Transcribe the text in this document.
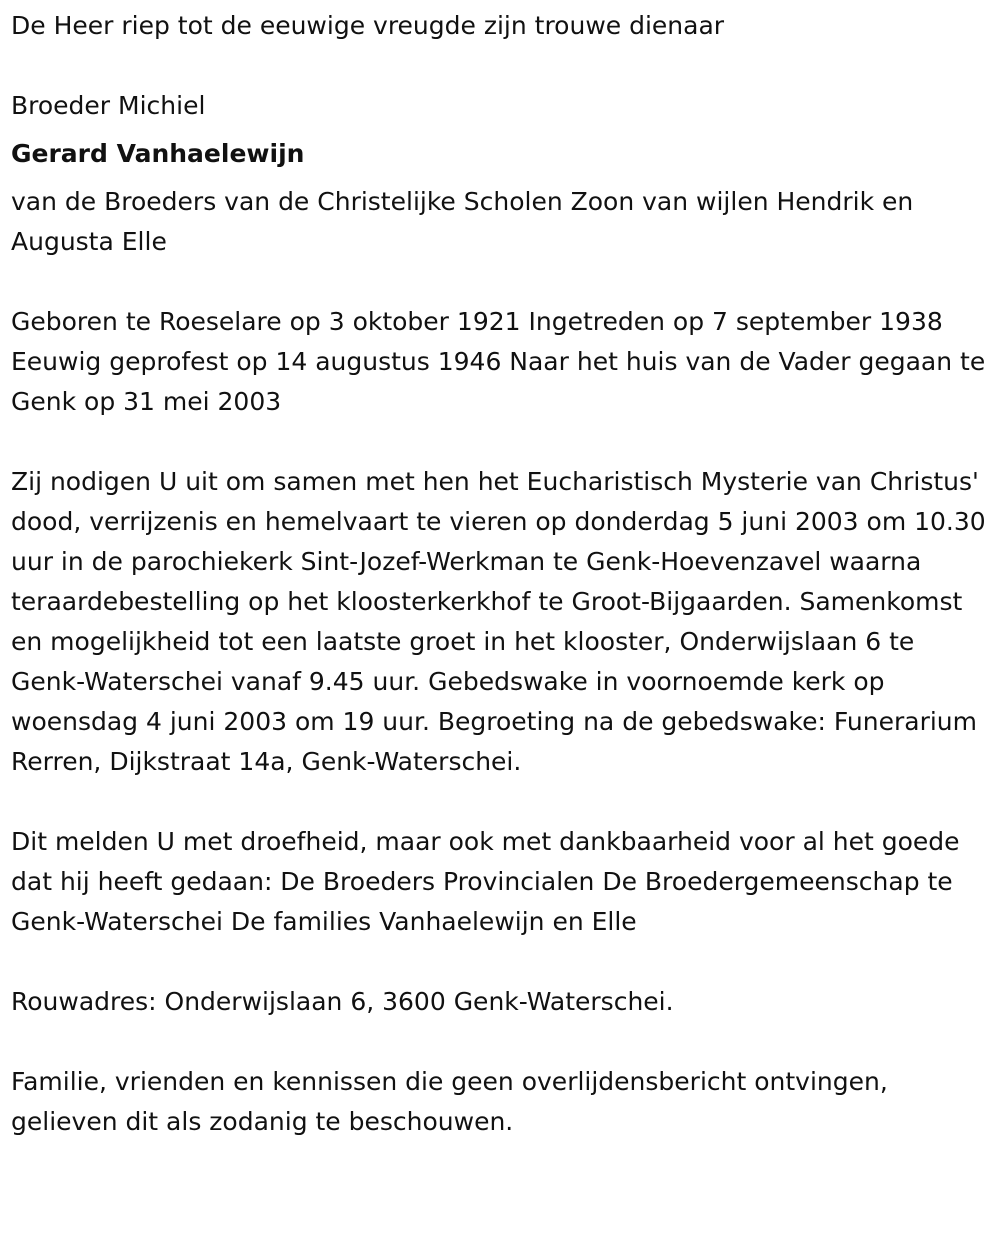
De Heer riep tot de eeuwige vreugde zijn trouwe dienaar

Broeder Michiel

Gerard Vanhaelewijn

van de Broeders van de Christelijke Scholen Zoon van wijlen Hendrik en Augusta Elle

Geboren te Roeselare op 3 oktober 1921 Ingetreden op 7 september 1938 Eeuwig geprofest op 14 augustus 1946 Naar het huis van de Vader gegaan te Genk op 31 mei 2003

Zij nodigen U uit om samen met hen het Eucharistisch Mysterie van Christus' dood, verrijzenis en hemelvaart te vieren op donderdag 5 juni 2003 om 10.30 uur in de parochiekerk Sint-Jozef-Werkman te Genk-Hoevenzavel waarna teraardebestelling op het kloosterkerkhof te Groot-Bijgaarden. Samenkomst en mogelijkheid tot een laatste groet in het klooster, Onderwijslaan 6 te Genk-Waterschei vanaf 9.45 uur. Gebedswake in voornoemde kerk op woensdag 4 juni 2003 om 19 uur. Begroeting na de gebedswake: Funerarium Rerren, Dijkstraat 14a, Genk-Waterschei.

Dit melden U met droefheid, maar ook met dankbaarheid voor al het goede dat hij heeft gedaan: De Broeders Provincialen De Broedergemeenschap te Genk-Waterschei De families Vanhaelewijn en Elle

Rouwadres: Onderwijslaan 6, 3600 Genk-Waterschei.

Familie, vrienden en kennissen die geen overlijdensbericht ontvingen, gelieven dit als zodanig te beschouwen.
